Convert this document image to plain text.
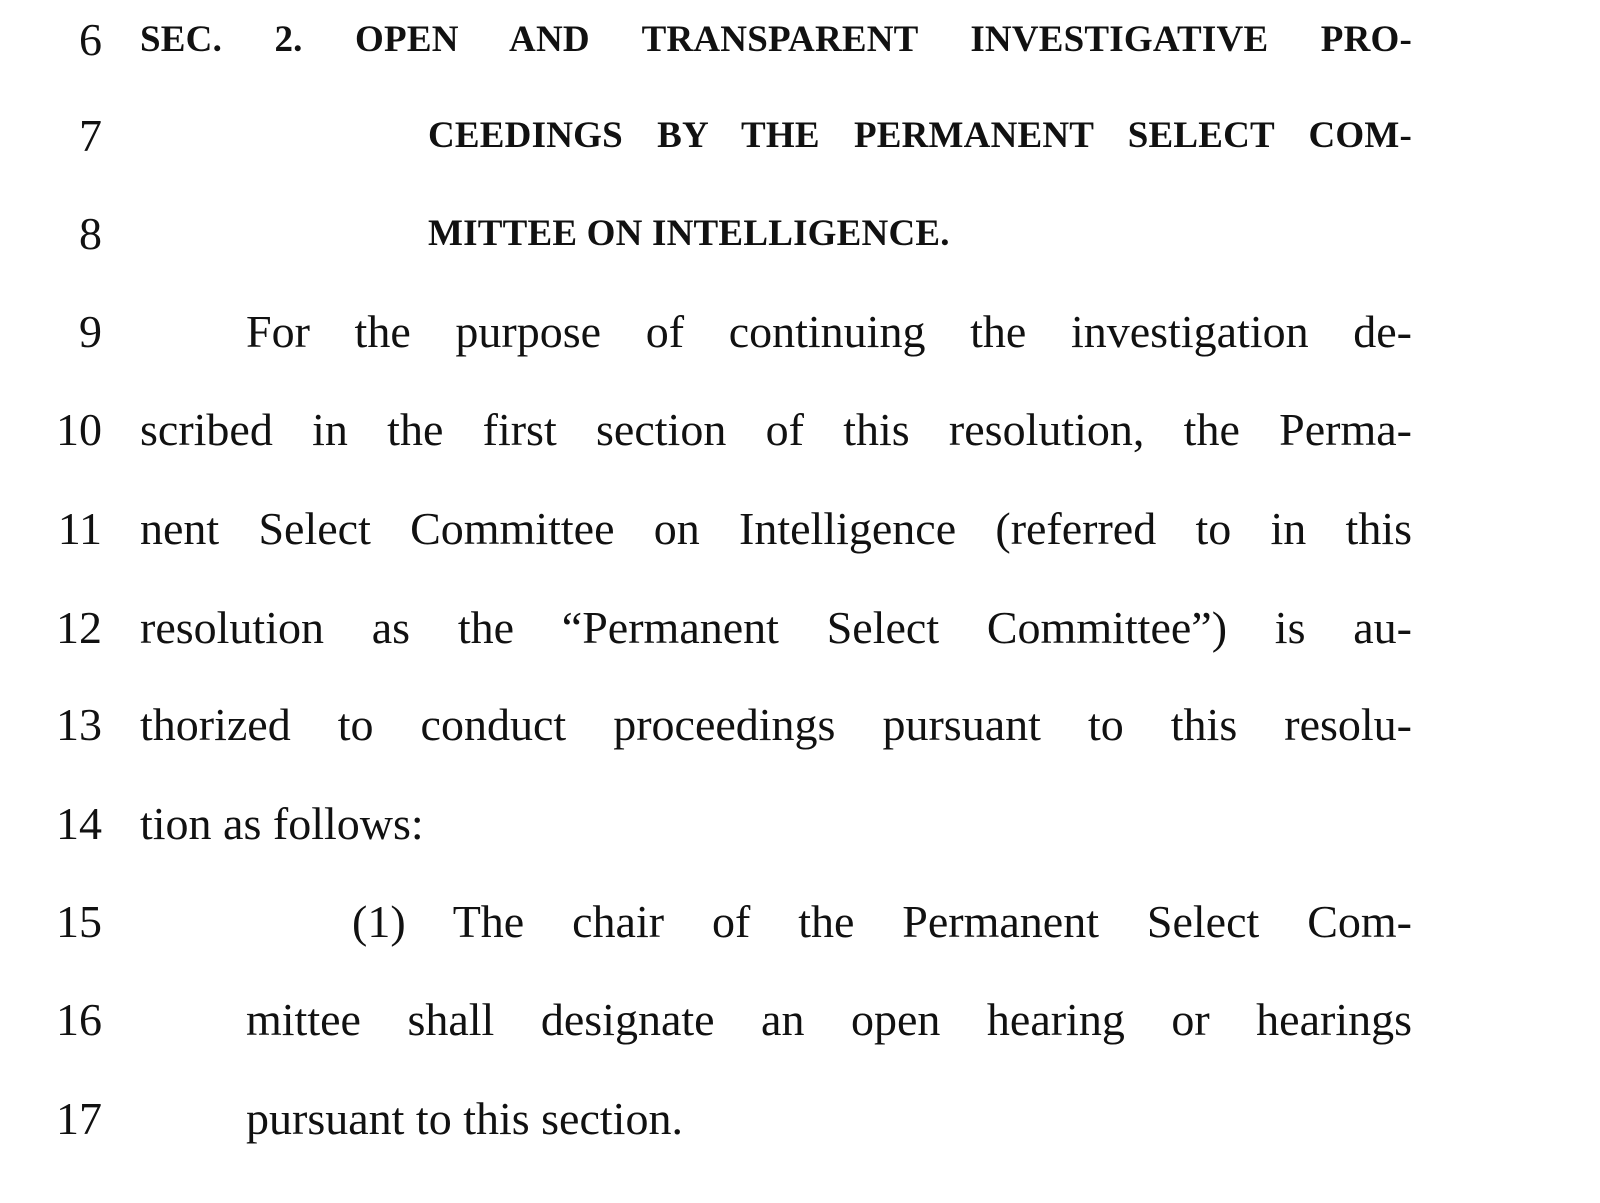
6 SEC. 2. OPEN AND TRANSPARENT INVESTIGATIVE PRO-
7	CEEDINGS BY THE PERMANENT SELECT COM-
8	MITTEE ON INTELLIGENCE.
9	For the purpose of continuing the investigation de-
10 scribed in the first section of this resolution, the Perma-
11 nent Select Committee on Intelligence (referred to in this
12 resolution as the “Permanent Select Committee”) is au-
13 thorized to conduct proceedings pursuant to this resolu-
14 tion as follows:
15	(1) The chair of the Permanent Select Com-
16	mittee shall designate an open hearing or hearings
17	pursuant to this section.
